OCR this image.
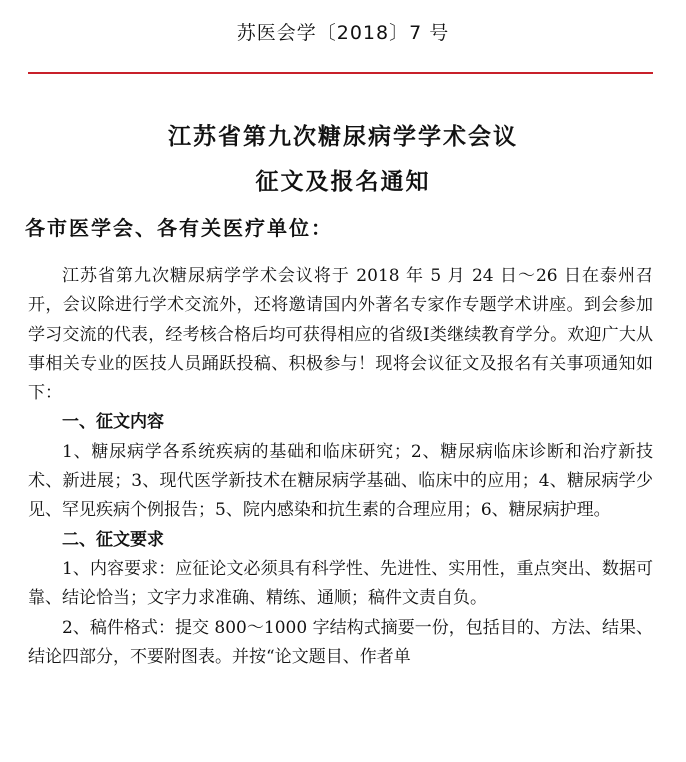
苏医会学〔2018〕7 号
江苏省第九次糖尿病学学术会议
征文及报名通知
各市医学会、各有关医疗单位：

江苏省第九次糖尿病学学术会议将于 2018 年 5 月 24 日～26 日在泰州召开，会议除进行学术交流外，还将邀请国内外著名专家作专题学术讲座。到会参加学习交流的代表，经考核合格后均可获得相应的省级Ⅰ类继续教育学分。欢迎广大从事相关专业的医技人员踊跃投稿、积极参与！现将会议征文及报名有关事项通知如下：

一、征文内容

1、糖尿病学各系统疾病的基础和临床研究；2、糖尿病临床诊断和治疗新技术、新进展；3、现代医学新技术在糖尿病学基础、临床中的应用；4、糖尿病学少见、罕见疾病个例报告；5、院内感染和抗生素的合理应用；6、糖尿病护理。

二、征文要求

1、内容要求：应征论文必须具有科学性、先进性、实用性，重点突出、数据可靠、结论恰当；文字力求准确、精练、通顺；稿件文责自负。

2、稿件格式：提交 800～1000 字结构式摘要一份，包括目的、方法、结果、结论四部分，不要附图表。并按“论文题目、作者单
